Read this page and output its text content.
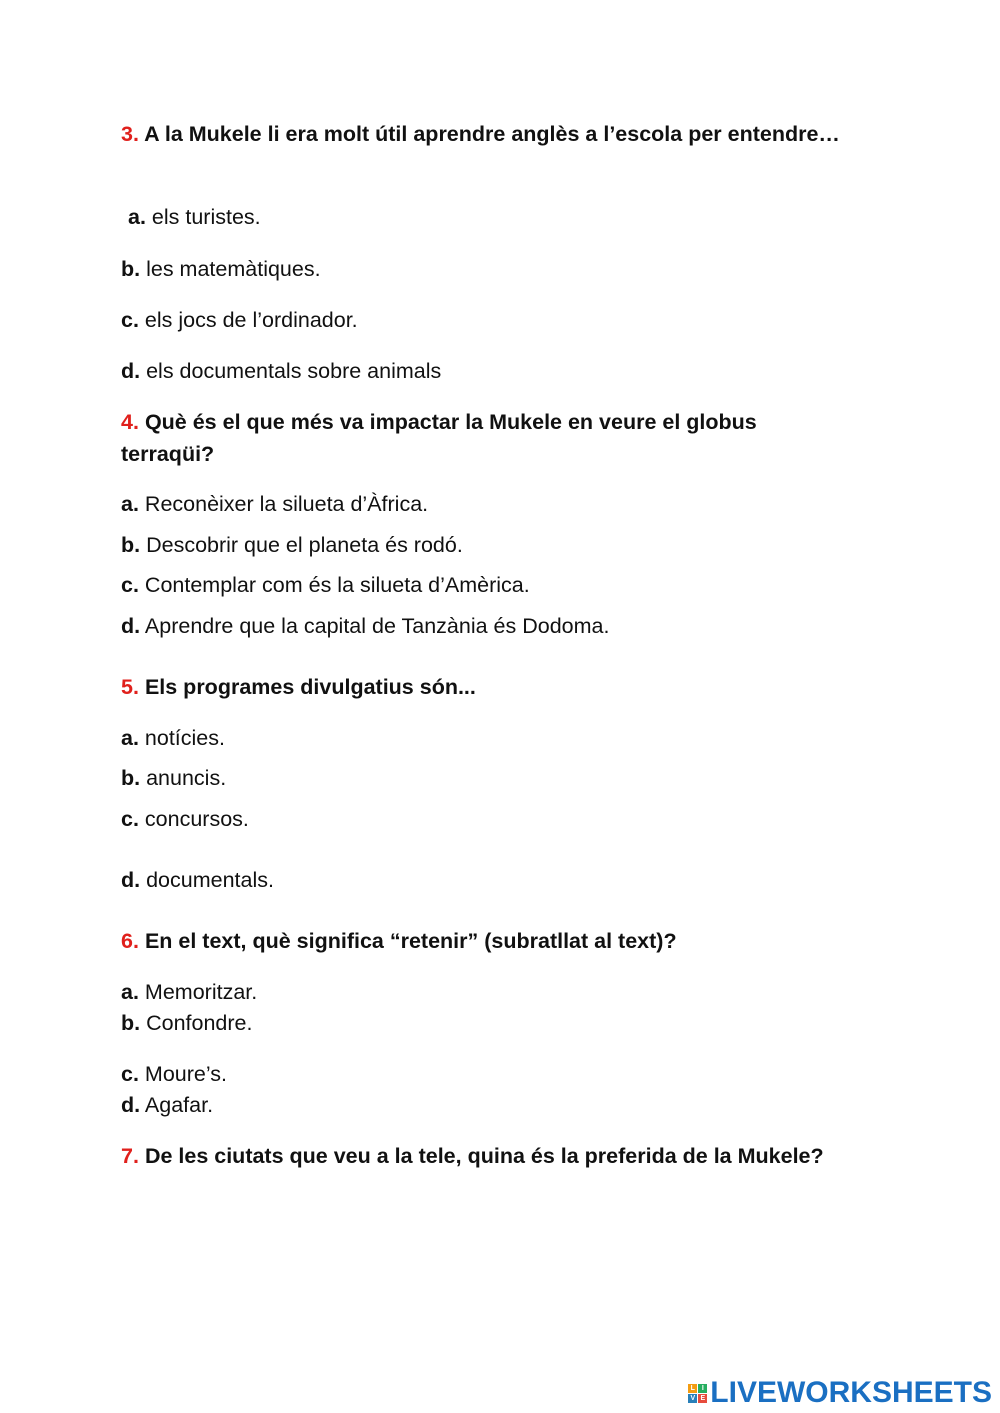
3. A la Mukele li era molt útil aprendre anglès a l’escola per entendre…

a. els turistes.

b. les matemàtiques.

c. els jocs de l’ordinador.

d. els documentals sobre animals

4. Què és el que més va impactar la Mukele en veure el globus terraqüi?

a. Reconèixer la silueta d’Àfrica.

b. Descobrir que el planeta és rodó.

c. Contemplar com és la silueta d’Amèrica.

d. Aprendre que la capital de Tanzània és Dodoma.

5. Els programes divulgatius són...

a. notícies.

b. anuncis.

c. concursos.

d. documentals.

6. En el text, què significa “retenir” (subratllat al text)?

a. Memoritzar.

b. Confondre.

c. Moure’s.

d. Agafar.

7. De les ciutats que veu a la tele, quina és la preferida de la Mukele?

L I
V E LIVEWORKSHEETS
